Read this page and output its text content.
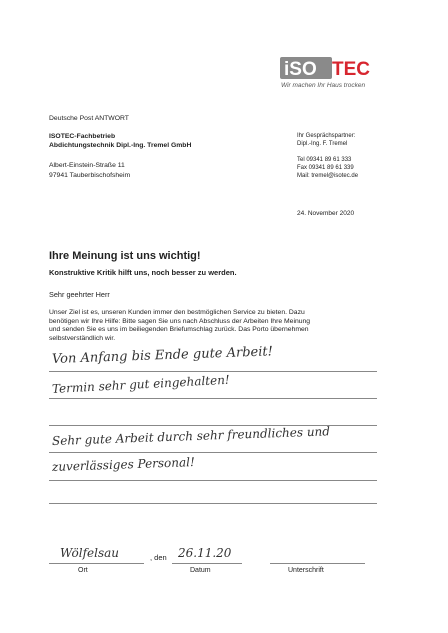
iSO TEC
Wir machen Ihr Haus trocken
Deutsche Post ANTWORT
ISOTEC-Fachbetrieb
Abdichtungstechnik Dipl.-Ing. Tremel GmbH
Albert-Einstein-Straße 11
97941 Tauberbischofsheim
Ihr Gesprächspartner:
Dipl.-Ing. F. Tremel
Tel 09341 89 61 333
Fax 09341 89 61 339
Mail: tremel@isotec.de
24. November 2020
Ihre Meinung ist uns wichtig!
Konstruktive Kritik hilft uns, noch besser zu werden.
Sehr geehrter Herr
Unser Ziel ist es, unseren Kunden immer den bestmöglichen Service zu bieten. Dazu
benötigen wir Ihre Hilfe: Bitte sagen Sie uns nach Abschluss der Arbeiten Ihre Meinung
und senden Sie es uns im beiliegenden Briefumschlag zurück. Das Porto übernehmen
selbstverständlich wir.
Von Anfang bis Ende gute Arbeit!
Termin sehr gut eingehalten!
Sehr gute Arbeit durch sehr freundliches und
zuverlässiges Personal!
Wölfelsau	, den 26.11.20
Ort	Datum	Unterschrift
